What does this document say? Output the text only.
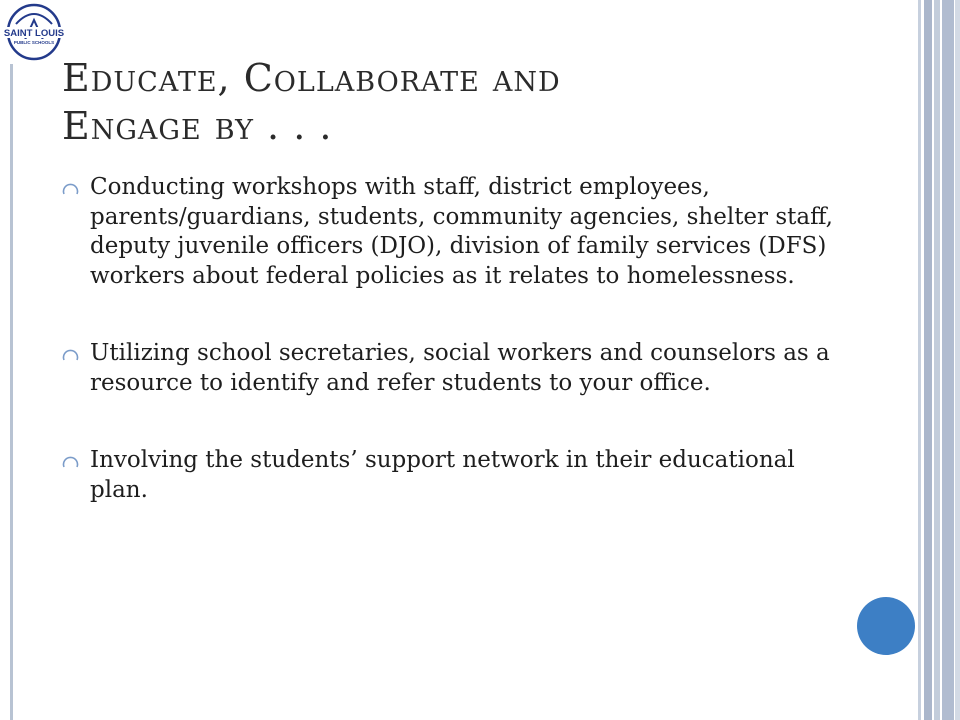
SAINT LOUIS
PUBLIC SCHOOLS
Educate, Collaborate and
Engage by . . .
Conducting workshops with staff, district employees, parents/guardians, students, community agencies, shelter staff, deputy juvenile officers (DJO), division of family services (DFS) workers about federal policies as it relates to homelessness.
Utilizing school secretaries, social workers and counselors as a resource to identify and refer students to your office.
Involving the students’ support network in their educational plan.
